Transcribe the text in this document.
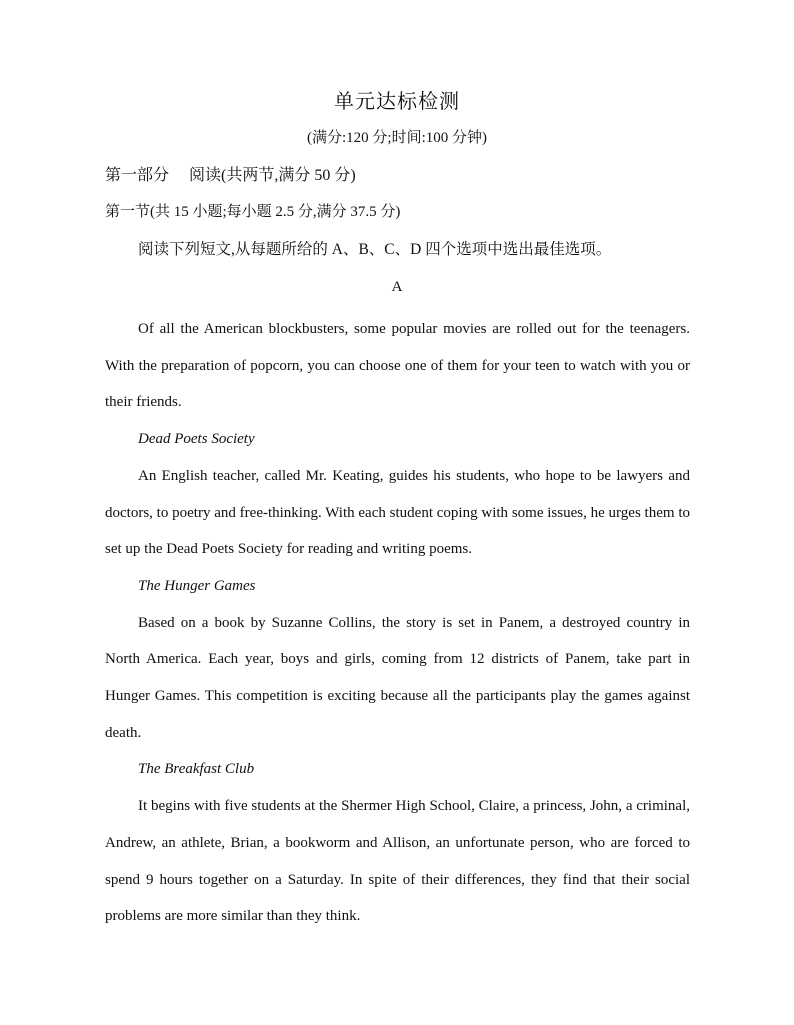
单元达标检测
(满分:120 分;时间:100 分钟)
第一部分 阅读(共两节,满分 50 分)
第一节(共 15 小题;每小题 2.5 分,满分 37.5 分)
阅读下列短文,从每题所给的 A、B、C、D 四个选项中选出最佳选项。
A

Of all the American blockbusters, some popular movies are rolled out for the teenagers. With the preparation of popcorn, you can choose one of them for your teen to watch with you or their friends.

Dead Poets Society

An English teacher, called Mr. Keating, guides his students, who hope to be lawyers and doctors, to poetry and free-thinking. With each student coping with some issues, he urges them to set up the Dead Poets Society for reading and writing poems.

The Hunger Games

Based on a book by Suzanne Collins, the story is set in Panem, a destroyed country in North America. Each year, boys and girls, coming from 12 districts of Panem, take part in Hunger Games. This competition is exciting because all the participants play the games against death.

The Breakfast Club

It begins with five students at the Shermer High School, Claire, a princess, John, a criminal, Andrew, an athlete, Brian, a bookworm and Allison, an unfortunate person, who are forced to spend 9 hours together on a Saturday. In spite of their differences, they find that their social problems are more similar than they think.
